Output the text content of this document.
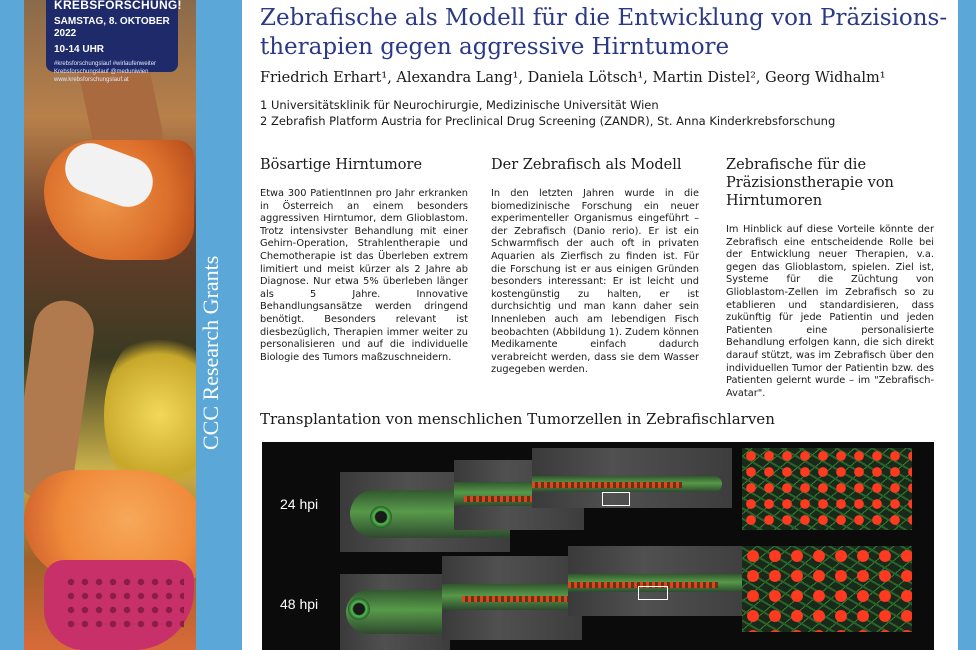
KREBSFORSCHUNG!
SAMSTAG, 8. OKTOBER 2022
10-14 UHR
#krebsforschungslauf #wirlaufenweiter
Krebsforschungslauf @meduniwien
www.krebsforschungslauf.at
Zebrafische als Modell für die Entwicklung von Präzisions-
therapien gegen aggressive Hirntumore
Friedrich Erhart¹, Alexandra Lang¹, Daniela Lötsch¹, Martin Distel², Georg Widhalm¹
1 Universitätsklinik für Neurochirurgie, Medizinische Universität Wien
2 Zebrafish Platform Austria for Preclinical Drug Screening (ZANDR), St. Anna Kinderkrebsforschung
Bösartige Hirntumore

Etwa 300 PatientInnen pro Jahr erkranken in Österreich an einem besonders aggressiven Hirntumor, dem Glioblastom. Trotz intensivster Behandlung mit einer Gehirn-Operation, Strahlentherapie und Chemotherapie ist das Überleben extrem limitiert und meist kürzer als 2 Jahre ab Diagnose. Nur etwa 5% überleben länger als 5 Jahre. Innovative Behandlungsansätze werden dringend benötigt. Besonders relevant ist diesbezüglich, Therapien immer weiter zu personalisieren und auf die individuelle Biologie des Tumors maßzuschneidern.

Der Zebrafisch als Modell

In den letzten Jahren wurde in die biomedizinische Forschung ein neuer experimenteller Organismus eingeführt – der Zebrafisch (Danio rerio). Er ist ein Schwarmfisch der auch oft in privaten Aquarien als Zierfisch zu finden ist. Für die Forschung ist er aus einigen Gründen besonders interessant: Er ist leicht und kostengünstig zu halten, er ist durchsichtig und man kann daher sein Innenleben auch am lebendigen Fisch beobachten (Abbildung 1). Zudem können Medikamente einfach dadurch verabreicht werden, dass sie dem Wasser zugegeben werden.

Zebrafische für die Präzisionstherapie von Hirntumoren

Im Hinblick auf diese Vorteile könnte der Zebrafisch eine entscheidende Rolle bei der Entwicklung neuer Therapien, v.a. gegen das Glioblastom, spielen. Ziel ist, Systeme für die Züchtung von Glioblastom-Zellen im Zebrafisch so zu etablieren und standardisieren, dass zukünftig für jede Patientin und jeden Patienten eine personalisierte Behandlung erfolgen kann, die sich direkt darauf stützt, was im Zebrafisch über den individuellen Tumor der Patientin bzw. des Patienten gelernt wurde – im "Zebrafisch-Avatar".

Transplantation von menschlichen Tumorzellen in Zebrafischlarven
24 hpi
48 hpi
